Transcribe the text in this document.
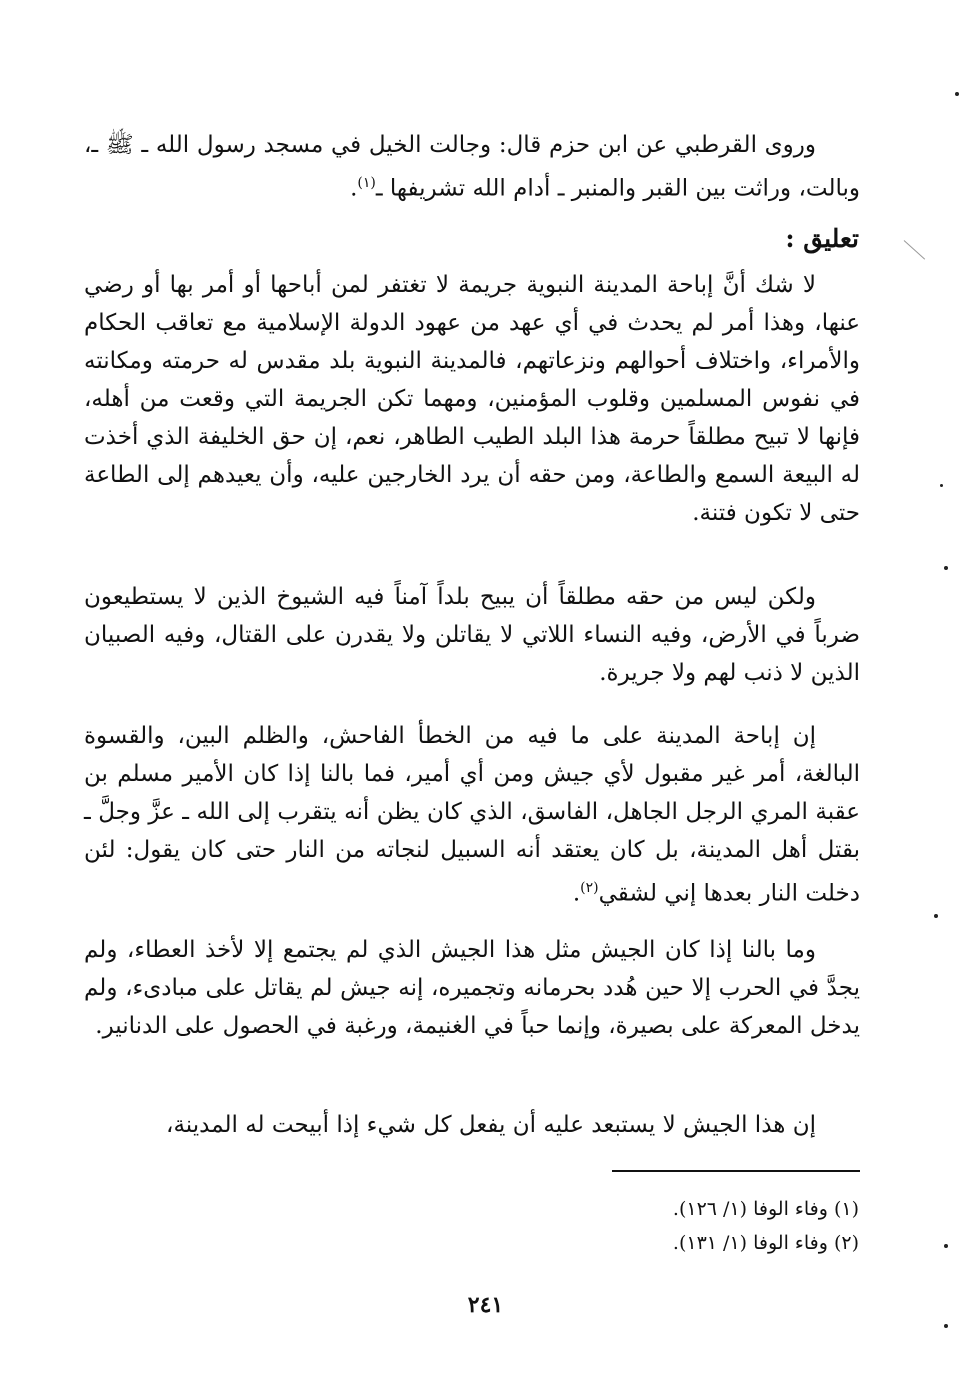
وروى القرطبي عن ابن حزم قال: وجالت الخيل في مسجد رسول الله ـ ﷺ ـ، وبالت، وراثت بين القبر والمنبر ـ أدام الله تشريفها ـ$^{(١)}$.

تعليق :

لا شك أنَّ إباحة المدينة النبوية جريمة لا تغتفر لمن أباحها أو أمر بها أو رضي عنها، وهذا أمر لم يحدث في أي عهد من عهود الدولة الإسلامية مع تعاقب الحكام والأمراء، واختلاف أحوالهم ونزعاتهم، فالمدينة النبوية بلد مقدس له حرمته ومكانته في نفوس المسلمين وقلوب المؤمنين، ومهما تكن الجريمة التي وقعت من أهله، فإنها لا تبيح مطلقاً حرمة هذا البلد الطيب الطاهر، نعم، إن حق الخليفة الذي أخذت له البيعة السمع والطاعة، ومن حقه أن يرد الخارجين عليه، وأن يعيدهم إلى الطاعة حتى لا تكون فتنة.

ولكن ليس من حقه مطلقاً أن يبيح بلداً آمناً فيه الشيوخ الذين لا يستطيعون ضرباً في الأرض، وفيه النساء اللاتي لا يقاتلن ولا يقدرن على القتال، وفيه الصبيان الذين لا ذنب لهم ولا جريرة.

إن إباحة المدينة على ما فيه من الخطأ الفاحش، والظلم البين، والقسوة البالغة، أمر غير مقبول لأي جيش ومن أي أمير، فما بالنا إذا كان الأمير مسلم بن عقبة المري الرجل الجاهل، الفاسق، الذي كان يظن أنه يتقرب إلى الله ـ عزَّ وجلَّ ـ بقتل أهل المدينة، بل كان يعتقد أنه السبيل لنجاته من النار حتى كان يقول: لئن دخلت النار بعدها إني لشقي$^{(٢)}$.

وما بالنا إذا كان الجيش مثل هذا الجيش الذي لم يجتمع إلا لأخذ العطاء، ولم يجدَّ في الحرب إلا حين هُدد بحرمانه وتجميره، إنه جيش لم يقاتل على مبادىء، ولم يدخل المعركة على بصيرة، وإنما حباً في الغنيمة، ورغبة في الحصول على الدنانير.

إن هذا الجيش لا يستبعد عليه أن يفعل كل شيء إذا أبيحت له المدينة،

(١) وفاء الوفا (١/ ١٢٦).

(٢) وفاء الوفا (١/ ١٣١).

٢٤١
